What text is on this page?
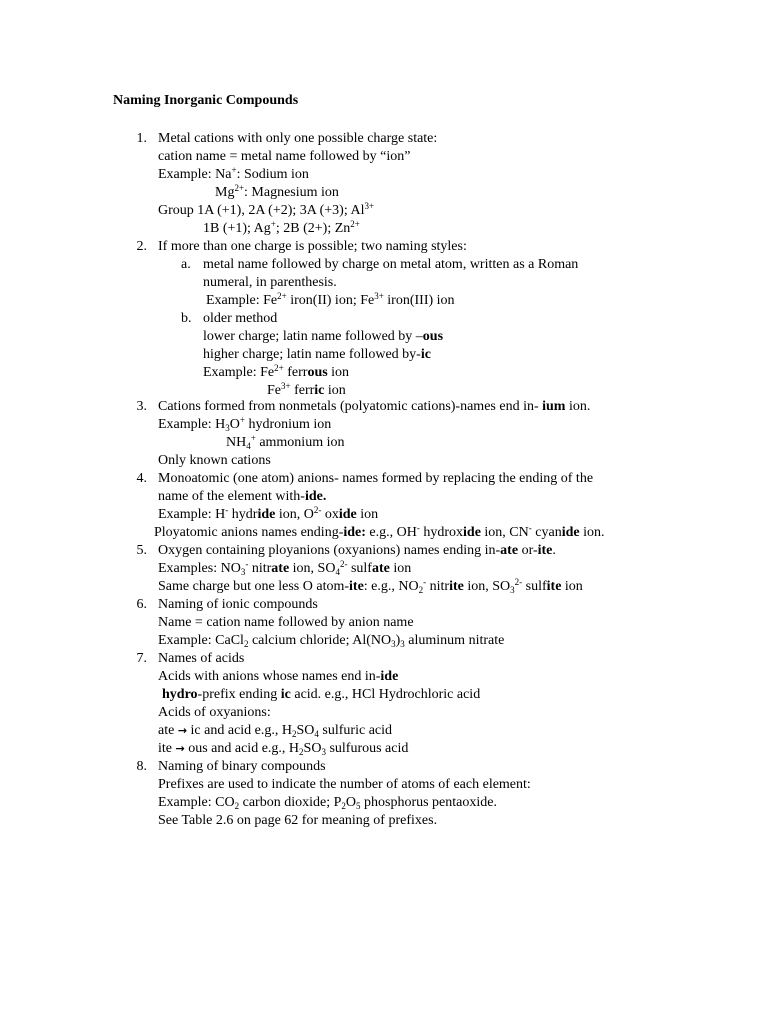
Naming Inorganic Compounds
1. Metal cations with only one possible charge state:
cation name = metal name followed by “ion”
Example: Na+: Sodium ion
$Mg^{2+}$: Magnesium ion
Group 1A (+1), 2A (+2); 3A (+3); $Al^{3+}$
1B (+1); Ag+; 2B (2+); $Zn^{2+}$
2. If more than one charge is possible; two naming styles:
a. metal name followed by charge on metal atom, written as a Roman
numeral, in parenthesis.
Example: $Fe^{2+}$ iron(II) ion; $Fe^{3+}$ iron(III) ion
b. older method
lower charge; latin name followed by –ous
higher charge; latin name followed by-ic
Example: $Fe^{2+}$ ferrous ion
$Fe^{3+}$ ferric ion
3. Cations formed from nonmetals (polyatomic cations)-names end in- ium ion.
Example: $H_3O^+$ hydronium ion
$NH_4^+$ ammonium ion
Only known cations
4. Monoatomic (one atom) anions- names formed by replacing the ending of the
name of the element with-ide.
Example: H- hydride ion, $O^{2-}$ oxide ion
Ployatomic anions names ending-ide: e.g., OH- hydroxide ion, CN- cyanide ion.
5. Oxygen containing ployanions (oxyanions) names ending in-ate or-ite.
Examples: $NO_3^-$ nitrate ion, $SO_4^{2-}$ sulfate ion
Same charge but one less O atom-ite: e.g., $NO_2^-$ nitrite ion, $SO_3^{2-}$ sulfite ion
6. Naming of ionic compounds
Name = cation name followed by anion name
Example: CaCl$_2$ calcium chloride; $Al(NO_3)_3$ aluminum nitrate
7. Names of acids
Acids with anions whose names end in-ide
hydro-prefix ending ic acid. e.g., HCl Hydrochloric acid
Acids of oxyanions:
ate → ic and acid e.g., $H_2SO_4$ sulfuric acid
ite → ous and acid e.g., $H_2SO_3$ sulfurous acid
8. Naming of binary compounds
Prefixes are used to indicate the number of atoms of each element:
Example: $CO_2$ carbon dioxide; $P_2O_5$ phosphorus pentaoxide.
See Table 2.6 on page 62 for meaning of prefixes.
